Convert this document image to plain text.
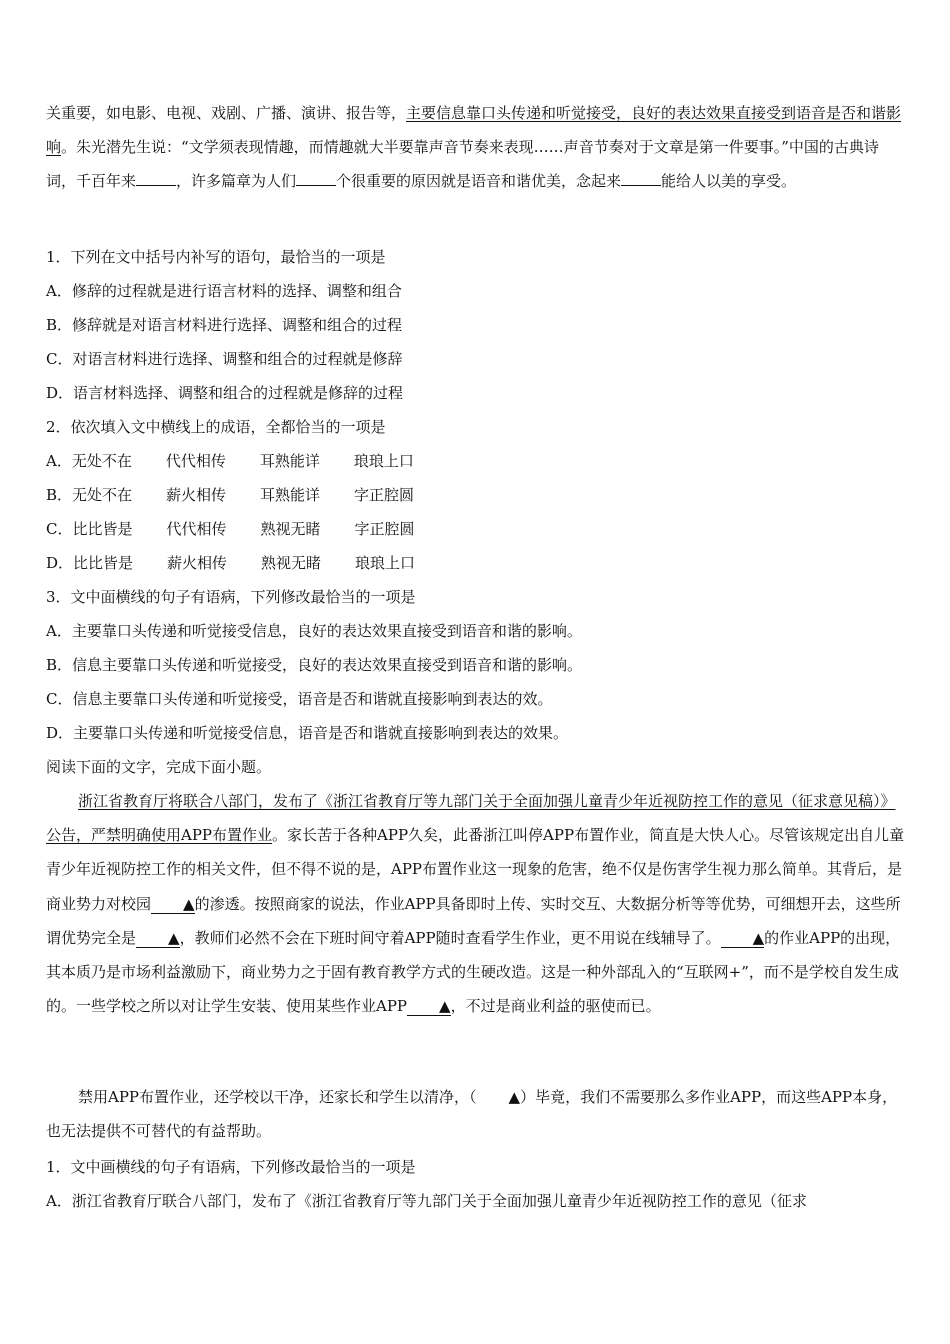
关重要，如电影、电视、戏剧、广播、演讲、报告等，主要信息靠口头传递和听觉接受，良好的表达效果直接受到语音是否和谐影响。朱光潜先生说：“文学须表现情趣，而情趣就大半要靠声音节奏来表现……声音节奏对于文章是第一件要事。”中国的古典诗词，千百年来	，许多篇章为人们	个很重要的原因就是语音和谐优美，念起来	能给人以美的享受。

1．下列在文中括号内补写的语句，最恰当的一项是

A．修辞的过程就是进行语言材料的选择、调整和组合

B．修辞就是对语言材料进行选择、调整和组合的过程

C．对语言材料进行选择、调整和组合的过程就是修辞

D．语言材料选择、调整和组合的过程就是修辞的过程

2．依次填入文中横线上的成语，全都恰当的一项是

A．无处不在 代代相传 耳熟能详 琅琅上口

B．无处不在 薪火相传 耳熟能详 字正腔圆

C．比比皆是 代代相传 熟视无睹 字正腔圆

D．比比皆是 薪火相传 熟视无睹 琅琅上口

3．文中面横线的句子有语病，下列修改最恰当的一项是

A．主要靠口头传递和听觉接受信息，良好的表达效果直接受到语音和谐的影响。

B．信息主要靠口头传递和听觉接受，良好的表达效果直接受到语音和谐的影响。

C．信息主要靠口头传递和听觉接受，语音是否和谐就直接影响到表达的效。

D．主要靠口头传递和听觉接受信息，语音是否和谐就直接影响到表达的效果。

阅读下面的文字，完成下面小题。

浙江省教育厅将联合八部门，发布了《浙江省教育厅等九部门关于全面加强儿童青少年近视防控工作的意见（征求意见稿）》公告，严禁明确使用APP布置作业。家长苦于各种APP久矣，此番浙江叫停APP布置作业，简直是大快人心。尽管该规定出自儿童青少年近视防控工作的相关文件，但不得不说的是，APP布置作业这一现象的危害，绝不仅是伤害学生视力那么简单。其背后，是商业势力对校园 ▲的渗透。按照商家的说法，作业APP具备即时上传、实时交互、大数据分析等等优势，可细想开去，这些所谓优势完全是 ▲，教师们必然不会在下班时间守着APP随时查看学生作业，更不用说在线辅导了。 ▲的作业APP的出现，其本质乃是市场利益激励下，商业势力之于固有教育教学方式的生硬改造。这是一种外部乱入的“互联网+”，而不是学校自发生成的。一些学校之所以对让学生安装、使用某些作业APP ▲，不过是商业利益的驱使而已。

禁用APP布置作业，还学校以干净，还家长和学生以清净，（ ▲）毕竟，我们不需要那么多作业APP，而这些APP本身，也无法提供不可替代的有益帮助。

1．文中画横线的句子有语病，下列修改最恰当的一项是

A．浙江省教育厅联合八部门，发布了《浙江省教育厅等九部门关于全面加强儿童青少年近视防控工作的意见（征求
